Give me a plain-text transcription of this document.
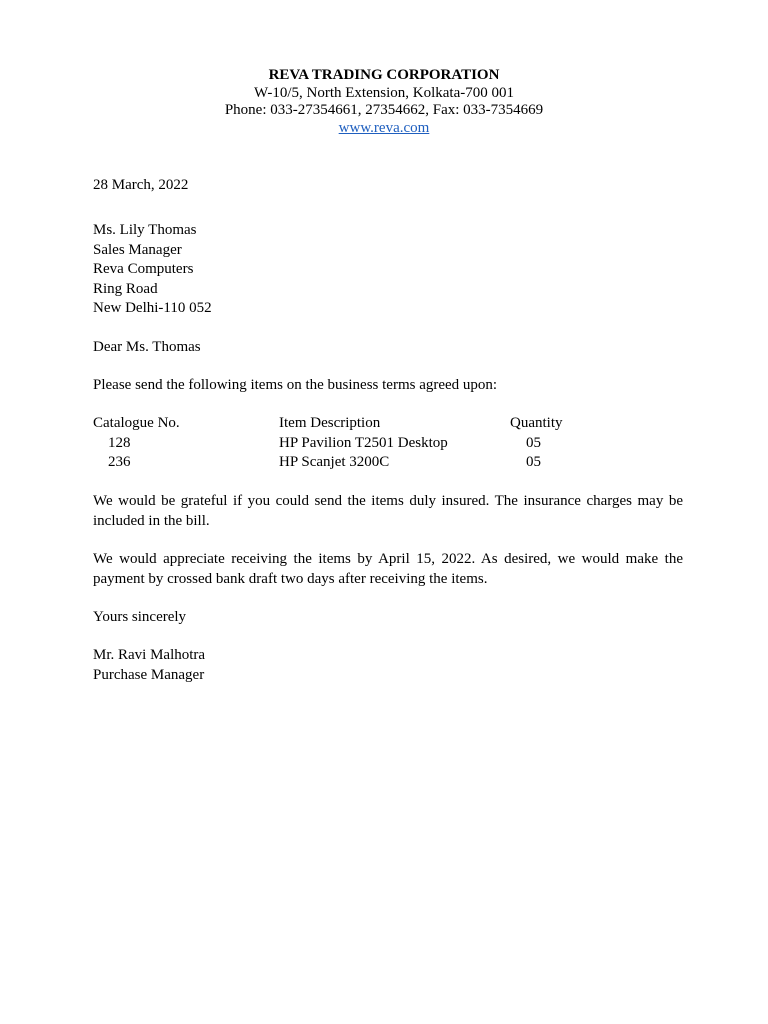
REVA TRADING CORPORATION
W-10/5, North Extension, Kolkata-700 001
Phone: 033-27354661, 27354662, Fax: 033-7354669
www.reva.com
28 March, 2022
Ms. Lily Thomas
Sales Manager
Reva Computers
Ring Road
New Delhi-110 052
Dear Ms. Thomas
Please send the following items on the business terms agreed upon:
Catalogue No.	Item Description	Quantity
128	HP Pavilion T2501 Desktop	05
236	HP Scanjet 3200C	05
We would be grateful if you could send the items duly insured. The insurance charges may be included in the bill.
We would appreciate receiving the items by April 15, 2022. As desired, we would make the payment by crossed bank draft two days after receiving the items.
Yours sincerely
Mr. Ravi Malhotra
Purchase Manager
